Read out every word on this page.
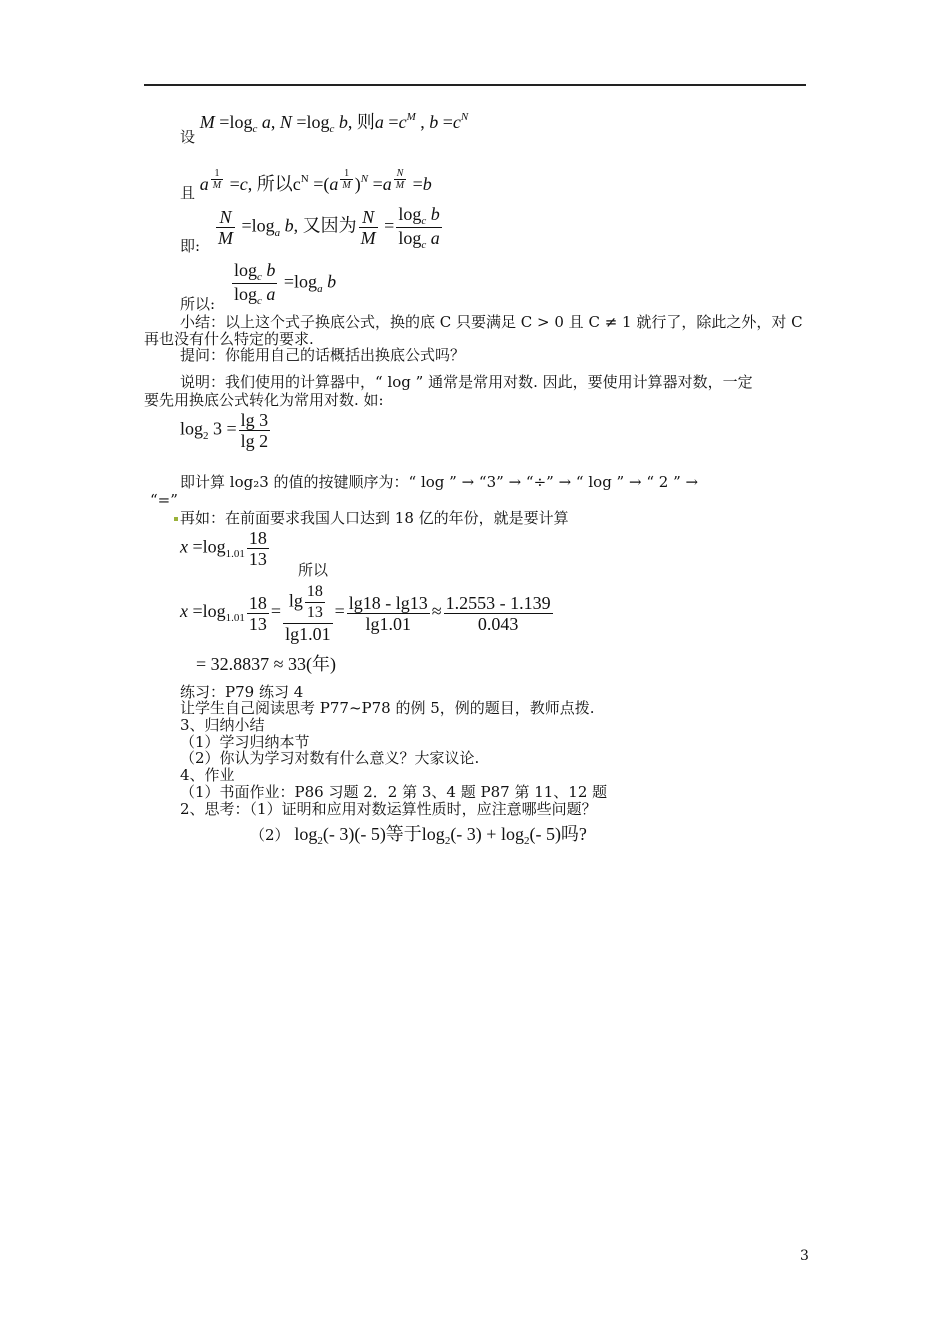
设 $M =\log_c$ a, $N =\log_c$ b, 则$a =c^M$ , $b =c^N$
且 a $^{\frac{1}{M}}$ =c, 所以$c^N =(a$ $^{\frac{1}{M}}$ )$^N$ =a $^{\frac{N}{M}}$ =b
即: $\frac{N}{M} =\log_a$ b, 又因为 $\frac{N}{M} = \frac{\log_c b}{\log_c a}$
$\frac{\log_c b}{\log_c a} =\log_a$ b
所以:
小结：以上这个式子换底公式，换的底 C 只要满足 C > 0 且 C ≠ 1 就行了，除此之外，对 C
再也没有什么特定的要求.
提问：你能用自己的话概括出换底公式吗？
说明：我们使用的计算器中，“ log ” 通常是常用对数. 因此，要使用计算器对数，一定
要先用换底公式转化为常用对数. 如:
$\log_2 3 = \frac{\lg 3}{\lg 2}$
即计算 log₂3 的值的按键顺序为：“ log ” → “3” → “÷” → “ log ” → “ 2 ” →
“=”
再如：在前面要求我国人口达到 18 亿的年份，就是要计算
$x =\log_{1.01} \frac{18}{13}$
所以
$x =\log_{1.01} \frac{18}{13} = \frac{\lg \frac{18}{13}}{\lg 1.01} = \frac{\lg 18 - \lg 13}{\lg 1.01} \approx \frac{1.2553 - 1.139}{0.043}$
= 32.8837 ≈ 33(年)
练习：P79 练习 4
让学生自己阅读思考 P77~P78 的例 5，例的题目，教师点拨.
3、归纳小结
（1）学习归纳本节
（2）你认为学习对数有什么意义？大家议论.
4、作业
（1）书面作业：P86 习题 2．2 第 3、4 题 P87 第 11、12 题
2、思考：（1）证明和应用对数运算性质时，应注意哪些问题？
（2） $\log_2(-$ 3)(- 5)等于$\log_2(-$ $3) + \log_2(-$ 5)吗?
3
